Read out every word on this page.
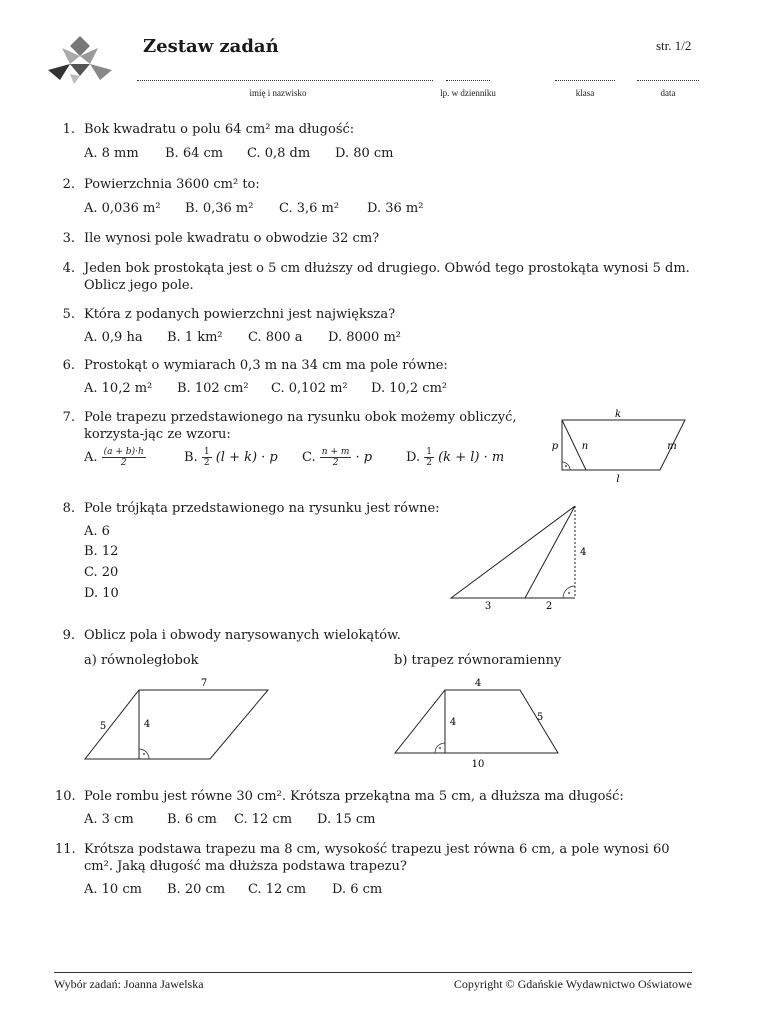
Zestaw zadań	str. 1/2
imię i nazwisko	lp. w dzienniku	klasa	data
1. Bok kwadratu o polu 64 cm² ma długość:
A. 8 mm B. 64 cm C. 0,8 dm D. 80 cm
2. Powierzchnia 3600 cm² to:
A. 0,036 m² B. 0,36 m² C. 3,6 m² D. 36 m²
3. Ile wynosi pole kwadratu o obwodzie 32 cm?
4. Jeden bok prostokąta jest o 5 cm dłuższy od drugiego. Obwód tego prostokąta wynosi 5 dm. Oblicz jego pole.
5. Która z podanych powierzchni jest największa?
A. 0,9 ha B. 1 km² C. 800 a D. 8000 m²
6. Prostokąt o wymiarach 0,3 m na 34 cm ma pole równe:
A. 10,2 m² B. 102 cm² C. 0,102 m² D. 10,2 cm²
7. Pole trapezu przedstawionego na rysunku obok możemy obliczyć, korzysta-jąc ze wzoru:
A. $\frac{(a + b)\cdot h}{2}$	B. $\frac{1}{2} (l + k) \cdot p$ C. $\frac{n + m}{2} \cdot p$	D. $\frac{1}{2} (k + l) \cdot m$
k
p n	m
l
8. Pole trójkąta przedstawionego na rysunku jest równe:
A. 6
B. 12
C. 20
D. 10
3	2
4
9. Oblicz pola i obwody narysowanych wielokątów.
a) równoległobok	b) trapez równoramienny
7
5	4
4
5
4
10
10. Pole rombu jest równe 30 cm². Krótsza przekątna ma 5 cm, a dłuższa ma długość:
A. 3 cm	B. 6 cm C. 12 cm D. 15 cm
11. Krótsza podstawa trapezu ma 8 cm, wysokość trapezu jest równa 6 cm, a pole wynosi 60 cm². Jaką długość ma dłuższa podstawa trapezu?
A. 10 cm B. 20 cm C. 12 cm D. 6 cm
Wybór zadań: Joanna Jawelska	Copyright © Gdańskie Wydawnictwo Oświatowe
